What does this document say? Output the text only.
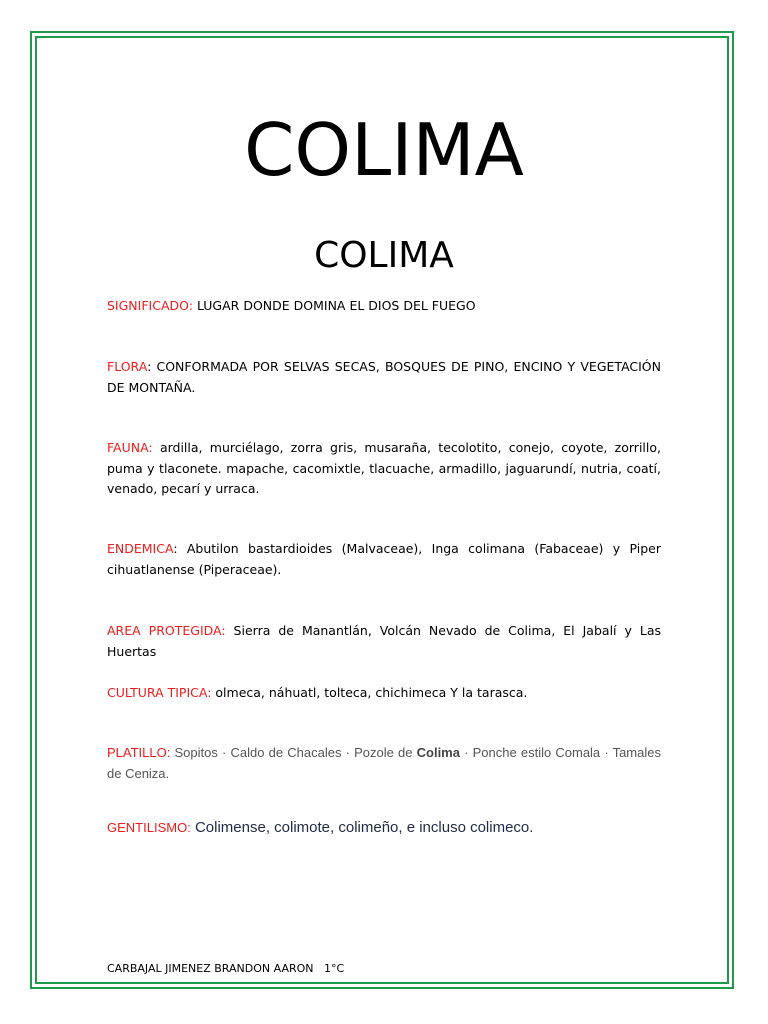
COLIMA
COLIMA
SIGNIFICADO: LUGAR DONDE DOMINA EL DIOS DEL FUEGO
FLORA: CONFORMADA POR SELVAS SECAS, BOSQUES DE PINO, ENCINO Y VEGETACIÓN DE MONTAÑA.
FAUNA: ardilla, murciélago, zorra gris, musaraña, tecolotito, conejo, coyote, zorrillo, puma y tlaconete. mapache, cacomixtle, tlacuache, armadillo, jaguarundí, nutria, coatí, venado, pecarí y urraca.
ENDEMICA: Abutilon bastardioides (Malvaceae), Inga colimana (Fabaceae) y Piper cihuatlanense (Piperaceae).
AREA PROTEGIDA: Sierra de Manantlán, Volcán Nevado de Colima, El Jabalí y Las Huertas
CULTURA TIPICA: olmeca, náhuatl, tolteca, chichimeca Y la tarasca.
PLATILLO: Sopitos · Caldo de Chacales · Pozole de Colima · Ponche estilo Comala · Tamales de Ceniza.
GENTILISMO: Colimense, colimote, colimeño, e incluso colimeco.
CARBAJAL JIMENEZ BRANDON AARON   1°C
